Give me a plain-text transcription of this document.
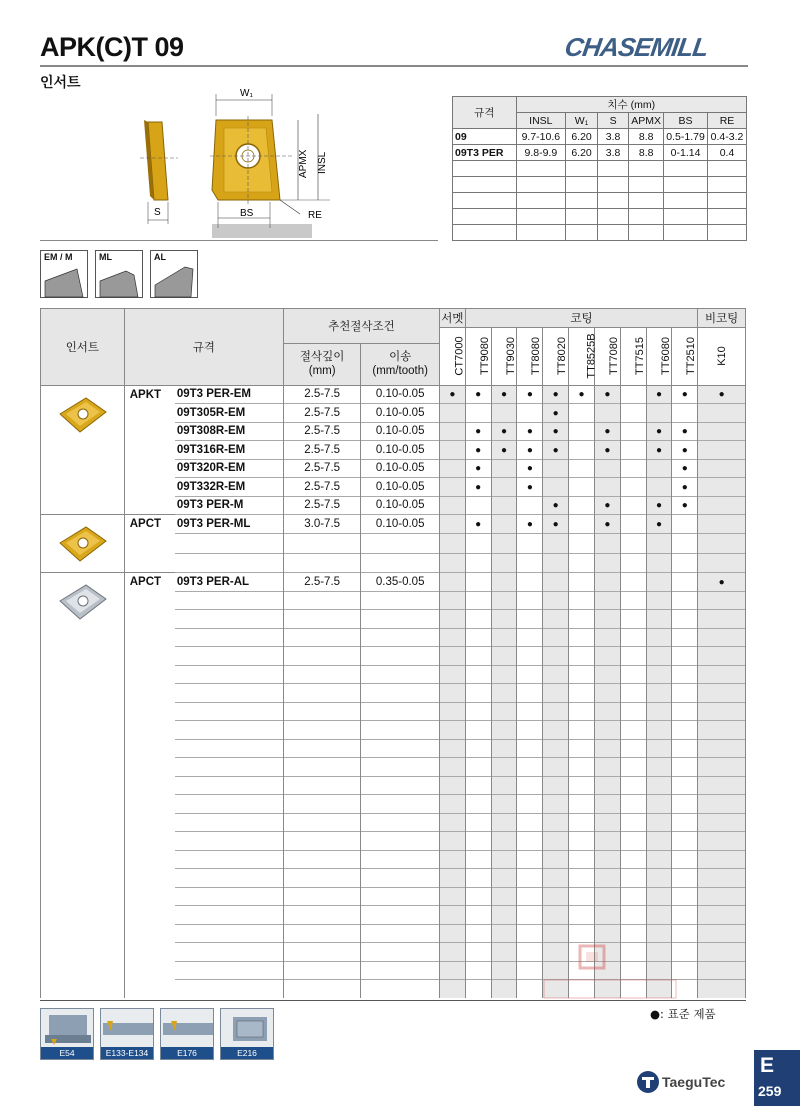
APK(C)T 09	CHASEMILL
인서트
S
W₁
APMX INSL
BS	RE
규격	치수 (mm)					
	INSL	W₁	S	APMX	BS	RE
09	9.7-10.6	6.20	3.8	8.8	0.5-1.79	0.4-3.2
09T3 PER	9.8-9.9	6.20	3.8	8.8	0-1.14	0.4

EM / M	ML	AL
인서트	규격		추천절삭조건		서멧	코팅									비코팅
					CT7000	TT9080	TT9030	TT8080	TT8020	TT8525B	TT7080	TT7515	TT6080	TT2510	K10
			절삭깊이
(mm)	이송
(mm/tooth)											

	APKT	09T3 PER-EM	2.5-7.5	0.10-0.05	●	●	●	●	●	●	●		●	●	●
		09T305R-EM	2.5-7.5	0.10-0.05					●						
		09T308R-EM	2.5-7.5	0.10-0.05		●	●	●	●		●		●	●	
		09T316R-EM	2.5-7.5	0.10-0.05		●	●	●	●		●		●	●	
		09T320R-EM	2.5-7.5	0.10-0.05		●		●						●	
		09T332R-EM	2.5-7.5	0.10-0.05		●		●						●	
		09T3 PER-M	2.5-7.5	0.10-0.05					●		●		●	●	

	APCT	09T3 PER-ML	3.0-7.5	0.10-0.05		●		●	●		●		●		

	APCT	09T3 PER-AL	2.5-7.5	0.35-0.05											●

●: 표준 제품
E54	E133-E134	E176	E216
TaeguTec
E
259
